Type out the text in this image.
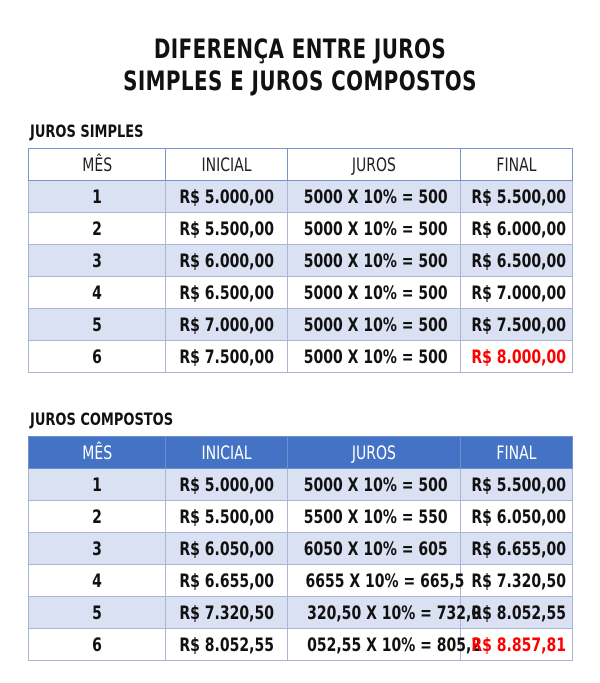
DIFERENÇA ENTRE JUROS
SIMPLES E JUROS COMPOSTOS
JUROS SIMPLES
MÊS	INICIAL	JUROS	FINAL
1	R$ 5.000,00	5000 X 10% = 500	R$ 5.500,00
2	R$ 5.500,00	5000 X 10% = 500	R$ 6.000,00
3	R$ 6.000,00	5000 X 10% = 500	R$ 6.500,00
4	R$ 6.500,00	5000 X 10% = 500	R$ 7.000,00
5	R$ 7.000,00	5000 X 10% = 500	R$ 7.500,00
6	R$ 7.500,00	5000 X 10% = 500	R$ 8.000,00
JUROS COMPOSTOS
MÊS	INICIAL	JUROS	FINAL
1	R$ 5.000,00	5000 X 10% = 500	R$ 5.500,00
2	R$ 5.500,00	5500 X 10% = 550	R$ 6.050,00
3	R$ 6.050,00	6050 X 10% = 605	R$ 6.655,00
4	R$ 6.655,00	6655 X 10% = 665,5	R$ 7.320,50
5	R$ 7.320,50	320,50 X 10% = 732,0	R$ 8.052,55
6	R$ 8.052,55	052,55 X 10% = 805,2	R$ 8.857,81
